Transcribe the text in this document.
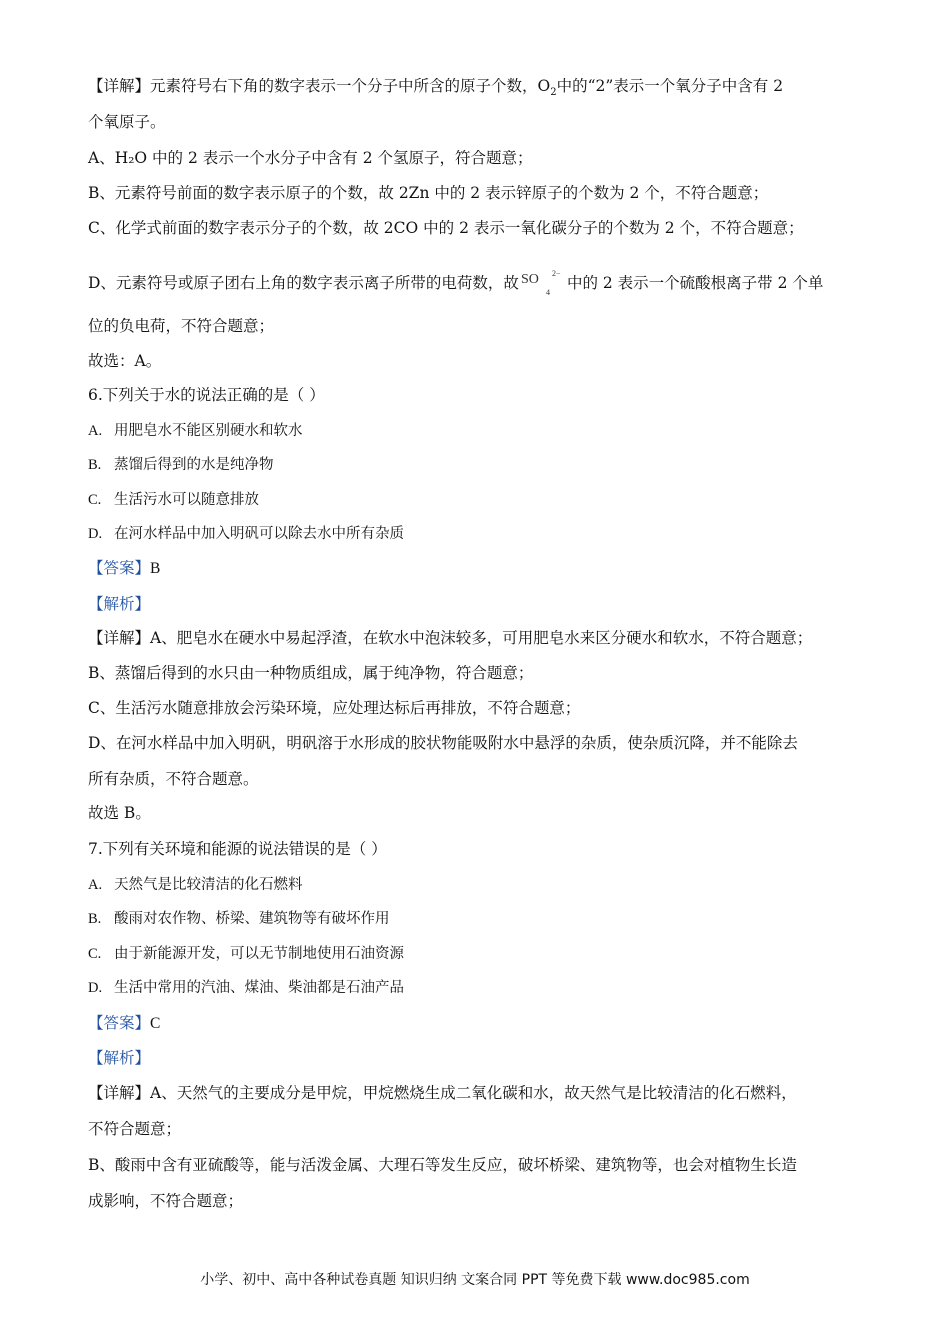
【详解】元素符号右下角的数字表示一个分子中所含的原子个数，$O_2$中的“2”表示一个氧分子中含有 2
个氧原子。
A、H₂O 中的 2 表示一个水分子中含有 2 个氢原子，符合题意；
B、元素符号前面的数字表示原子的个数，故 2Zn 中的 2 表示锌原子的个数为 2 个，不符合题意；
C、化学式前面的数字表示分子的个数，故 2CO 中的 2 表示一氧化碳分子的个数为 2 个，不符合题意；
D、元素符号或原子团右上角的数字表示离子所带的电荷数，故 SO
4
2−
中的 2 表示一个硫酸根离子带 2 个单
位的负电荷，不符合题意；
故选：A。
6.下列关于水的说法正确的是（ ）
A. 用肥皂水不能区别硬水和软水
B. 蒸馏后得到的水是纯净物
C. 生活污水可以随意排放
D. 在河水样品中加入明矾可以除去水中所有杂质
【答案】B
【解析】
【详解】A、肥皂水在硬水中易起浮渣，在软水中泡沫较多，可用肥皂水来区分硬水和软水，不符合题意；
B、蒸馏后得到的水只由一种物质组成，属于纯净物，符合题意；
C、生活污水随意排放会污染环境，应处理达标后再排放，不符合题意；
D、在河水样品中加入明矾，明矾溶于水形成的胶状物能吸附水中悬浮的杂质，使杂质沉降，并不能除去
所有杂质，不符合题意。
故选 B。
7.下列有关环境和能源的说法错误的是（ ）
A. 天然气是比较清洁的化石燃料
B. 酸雨对农作物、桥梁、建筑物等有破坏作用
C. 由于新能源开发，可以无节制地使用石油资源
D. 生活中常用的汽油、煤油、柴油都是石油产品
【答案】C
【解析】
【详解】A、天然气的主要成分是甲烷，甲烷燃烧生成二氧化碳和水，故天然气是比较清洁的化石燃料，
不符合题意；
B、酸雨中含有亚硫酸等，能与活泼金属、大理石等发生反应，破坏桥梁、建筑物等，也会对植物生长造
成影响，不符合题意；
小学、初中、高中各种试卷真题 知识归纳 文案合同 PPT 等免费下载 www.doc985.com
